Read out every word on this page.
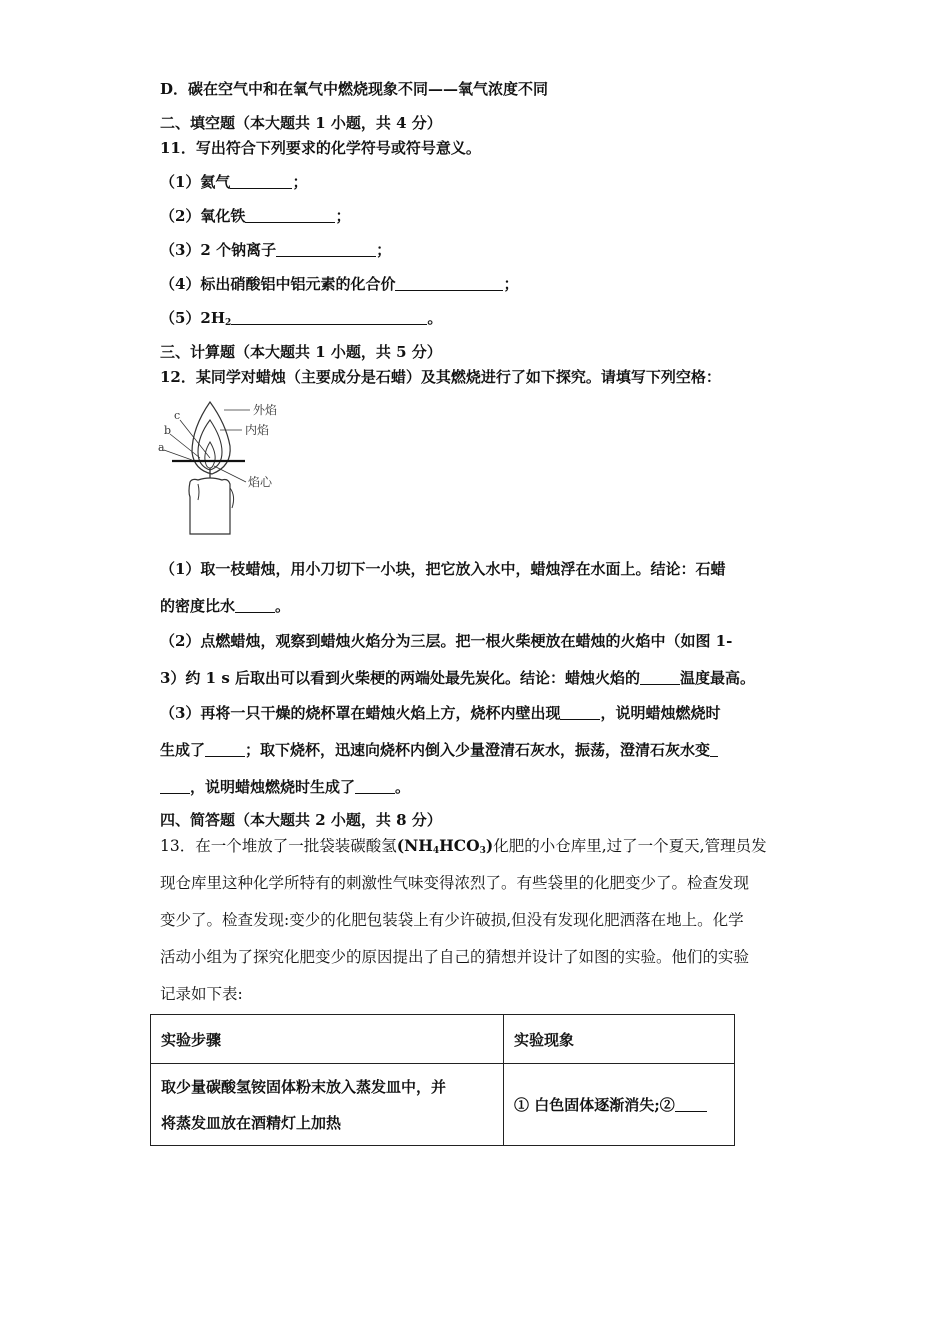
D．碳在空气中和在氧气中燃烧现象不同——氧气浓度不同
二、填空题（本大题共 1 小题，共 4 分）
11．写出符合下列要求的化学符号或符号意义。
（1）氦气	；
（2）氧化铁	；
（3）2 个钠离子	；
（4）标出硝酸铝中铝元素的化合价	；
$(5)2H_2$	。
三、计算题（本大题共 1 小题，共 5 分）
12．某同学对蜡烛（主要成分是石蜡）及其燃烧进行了如下探究。请填写下列空格：
外焰
内焰
焰心
c
b
a
（1）取一枝蜡烛，用小刀切下一小块，把它放入水中，蜡烛浮在水面上。结论：石蜡
的密度比水	。
（2）点燃蜡烛，观察到蜡烛火焰分为三层。把一根火柴梗放在蜡烛的火焰中（如图 1-
3）约 1 s 后取出可以看到火柴梗的两端处最先炭化。结论：蜡烛火焰的	温度最高。
（3）再将一只干燥的烧杯罩在蜡烛火焰上方，烧杯内壁出现	，说明蜡烛燃烧时
生成了	；取下烧杯，迅速向烧杯内倒入少量澄清石灰水，振荡，澄清石灰水变
，说明蜡烛燃烧时生成了	。
四、简答题（本大题共 2 小题，共 8 分）
13．在一个堆放了一批袋装碳酸氢$(NH_4HCO_3)$化肥的小仓库里,过了一个夏天,管理员发
现仓库里这种化学所特有的刺激性气味变得浓烈了。有些袋里的化肥变少了。检查发现
变少了。检查发现:变少的化肥包装袋上有少许破损,但没有发现化肥洒落在地上。化学
活动小组为了探究化肥变少的原因提出了自己的猜想并设计了如图的实验。他们的实验
记录如下表:
实验步骤	实验现象

取少量碳酸氢铵固体粉末放入蒸发皿中，并
将蒸发皿放在酒精灯上加热	① 白色固体逐渐消失;②
